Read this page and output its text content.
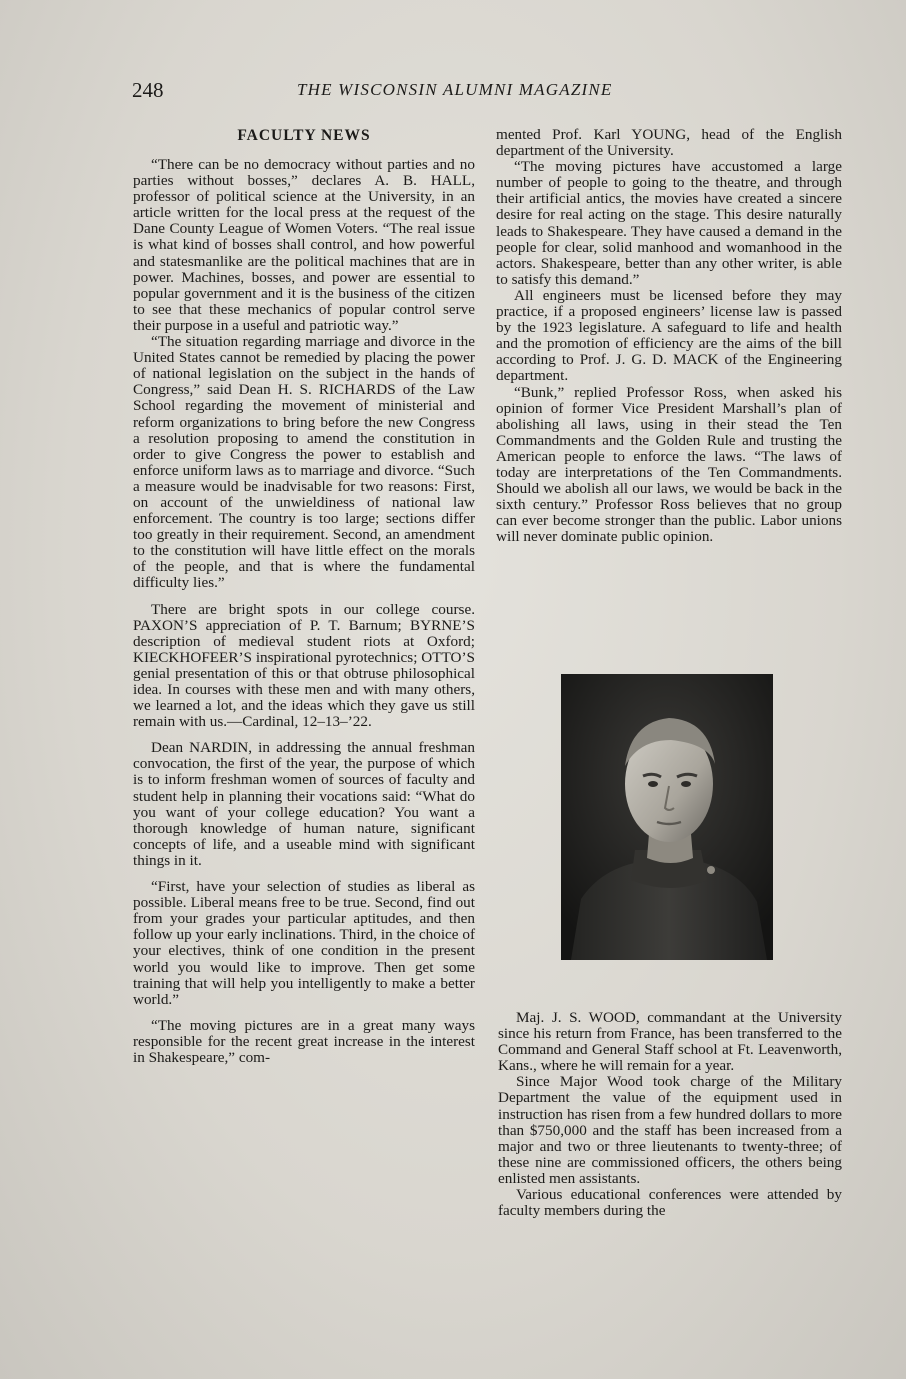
248	THE WISCONSIN ALUMNI MAGAZINE
FACULTY NEWS

“There can be no democracy without parties and no parties without bosses,” declares A. B. HALL, professor of political science at the University, in an article written for the local press at the request of the Dane County League of Women Voters. “The real issue is what kind of bosses shall control, and how powerful and statesmanlike are the political machines that are in power. Machines, bosses, and power are essential to popular government and it is the business of the citizen to see that these mechanics of popular control serve their purpose in a useful and patriotic way.”

“The situation regarding marriage and divorce in the United States cannot be remedied by placing the power of national legislation on the subject in the hands of Congress,” said Dean H. S. RICHARDS of the Law School regarding the movement of ministerial and reform organizations to bring before the new Congress a resolution proposing to amend the constitution in order to give Congress the power to establish and enforce uniform laws as to marriage and divorce. “Such a measure would be inadvisable for two reasons: First, on account of the unwieldiness of national law enforcement. The country is too large; sections differ too greatly in their requirement. Second, an amendment to the constitution will have little effect on the morals of the people, and that is where the fundamental difficulty lies.”

There are bright spots in our college course. PAXON’S appreciation of P. T. Barnum; BYRNE’S description of medieval student riots at Oxford; KIECKHOFEER’S inspirational pyrotechnics; OTTO’S genial presentation of this or that obtruse philosophical idea. In courses with these men and with many others, we learned a lot, and the ideas which they gave us still remain with us.—Cardinal, 12–13–’22.

Dean NARDIN, in addressing the annual freshman convocation, the first of the year, the purpose of which is to inform freshman women of sources of faculty and student help in planning their vocations said: “What do you want of your college education? You want a thorough knowledge of human nature, significant concepts of life, and a useable mind with significant things in it.

“First, have your selection of studies as liberal as possible. Liberal means free to be true. Second, find out from your grades your particular aptitudes, and then follow up your early inclinations. Third, in the choice of your electives, think of one condition in the present world you would like to improve. Then get some training that will help you intelligently to make a better world.”

“The moving pictures are in a great many ways responsible for the recent great increase in the interest in Shakespeare,” com-

mented Prof. Karl YOUNG, head of the English department of the University.

“The moving pictures have accustomed a large number of people to going to the theatre, and through their artificial antics, the movies have created a sincere desire for real acting on the stage. This desire naturally leads to Shakespeare. They have caused a demand in the people for clear, solid manhood and womanhood in the actors. Shakespeare, better than any other writer, is able to satisfy this demand.”

All engineers must be licensed before they may practice, if a proposed engineers’ license law is passed by the 1923 legislature. A safeguard to life and health and the promotion of efficiency are the aims of the bill according to Prof. J. G. D. MACK of the Engineering department.

“Bunk,” replied Professor Ross, when asked his opinion of former Vice President Marshall’s plan of abolishing all laws, using in their stead the Ten Commandments and the Golden Rule and trusting the American people to enforce the laws. “The laws of today are interpretations of the Ten Commandments. Should we abolish all our laws, we would be back in the sixth century.” Professor Ross believes that no group can ever become stronger than the public. Labor unions will never dominate public opinion.

Maj. J. S. WOOD, commandant at the University since his return from France, has been transferred to the Command and General Staff school at Ft. Leavenworth, Kans., where he will remain for a year.

Since Major Wood took charge of the Military Department the value of the equipment used in instruction has risen from a few hundred dollars to more than $750,000 and the staff has been increased from a major and two or three lieutenants to twenty-three; of these nine are commissioned officers, the others being enlisted men assistants.

Various educational conferences were attended by faculty members during the
